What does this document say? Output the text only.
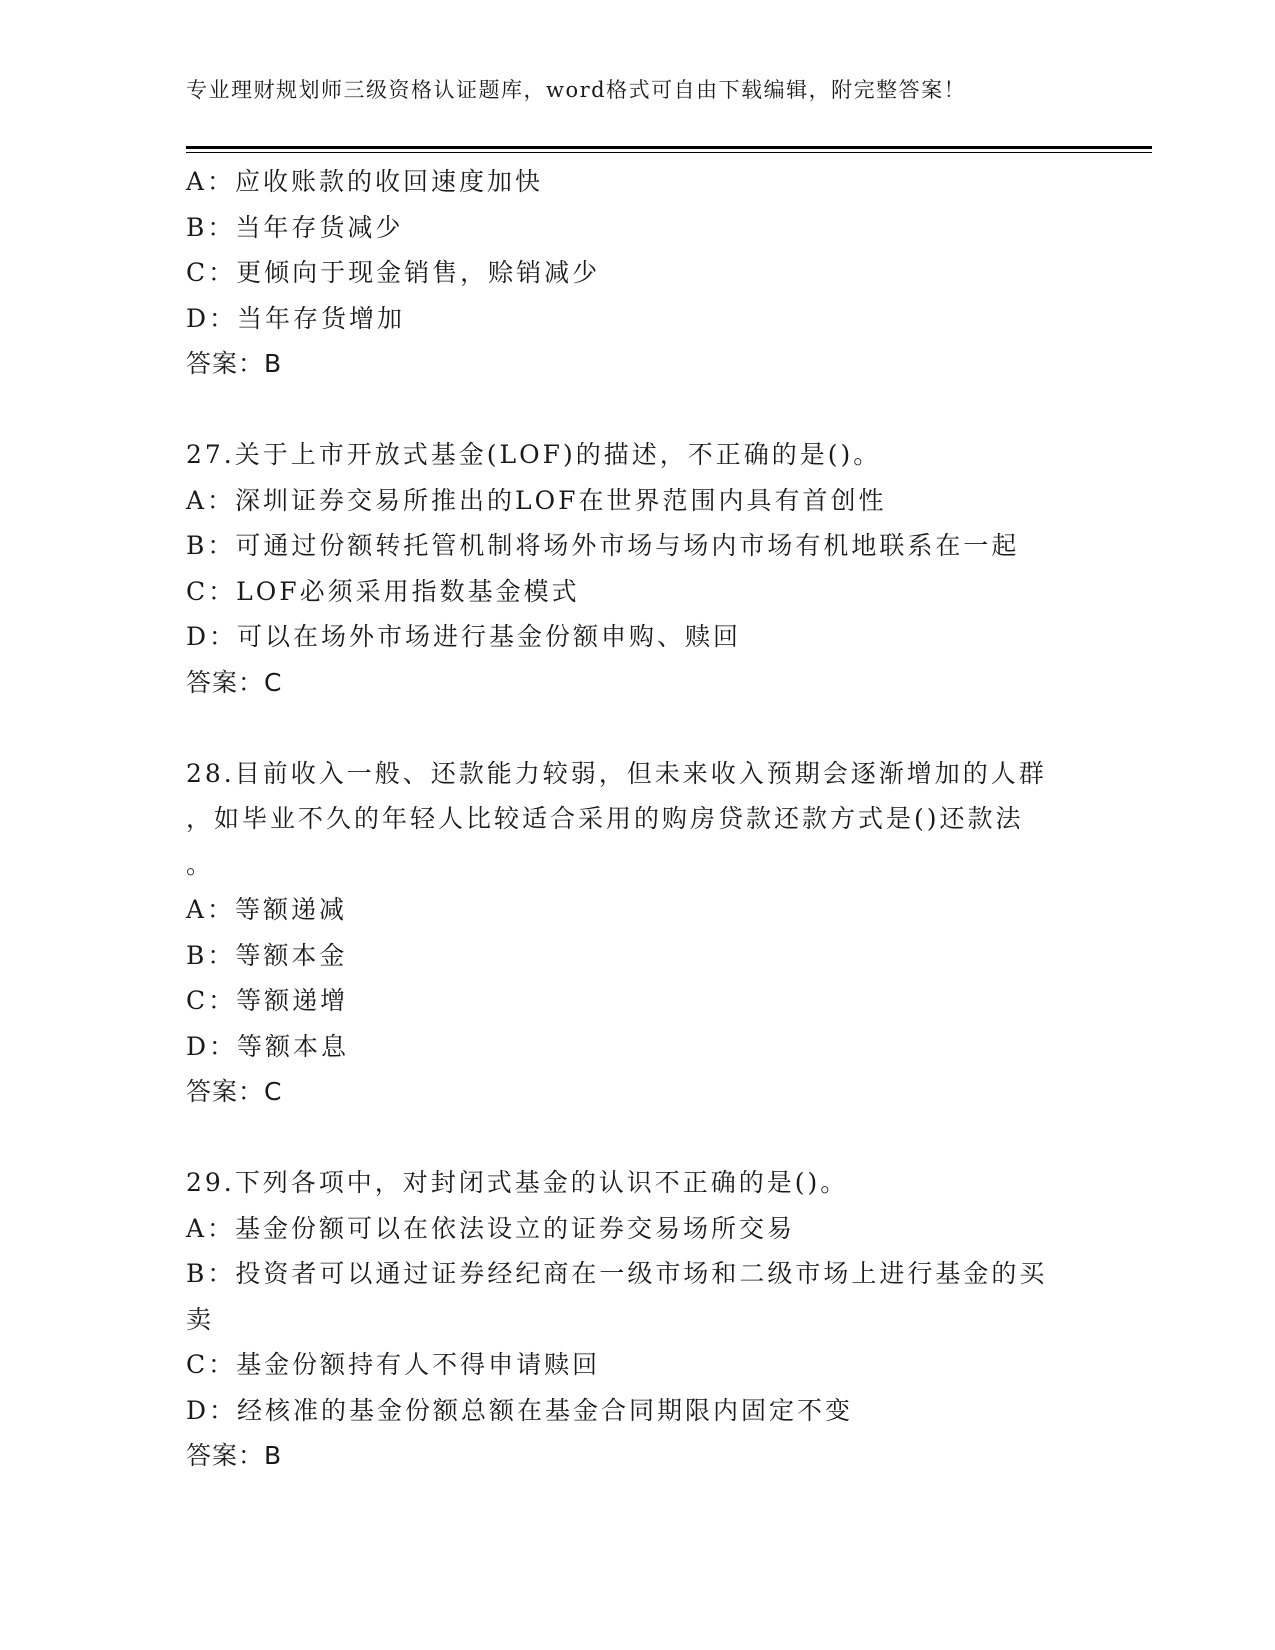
专业理财规划师三级资格认证题库，word格式可自由下载编辑，附完整答案！
A：应收账款的收回速度加快
B：当年存货减少
C：更倾向于现金销售，赊销减少
D：当年存货增加
答案：B
27.关于上市开放式基金(LOF)的描述，不正确的是()。
A：深圳证券交易所推出的LOF在世界范围内具有首创性
B：可通过份额转托管机制将场外市场与场内市场有机地联系在一起
C：LOF必须采用指数基金模式
D：可以在场外市场进行基金份额申购、赎回
答案：C
28.目前收入一般、还款能力较弱，但未来收入预期会逐渐增加的人群
，如毕业不久的年轻人比较适合采用的购房贷款还款方式是()还款法
。
A：等额递减
B：等额本金
C：等额递增
D：等额本息
答案：C
29.下列各项中，对封闭式基金的认识不正确的是()。
A：基金份额可以在依法设立的证券交易场所交易
B：投资者可以通过证券经纪商在一级市场和二级市场上进行基金的买
卖
C：基金份额持有人不得申请赎回
D：经核准的基金份额总额在基金合同期限内固定不变
答案：B
